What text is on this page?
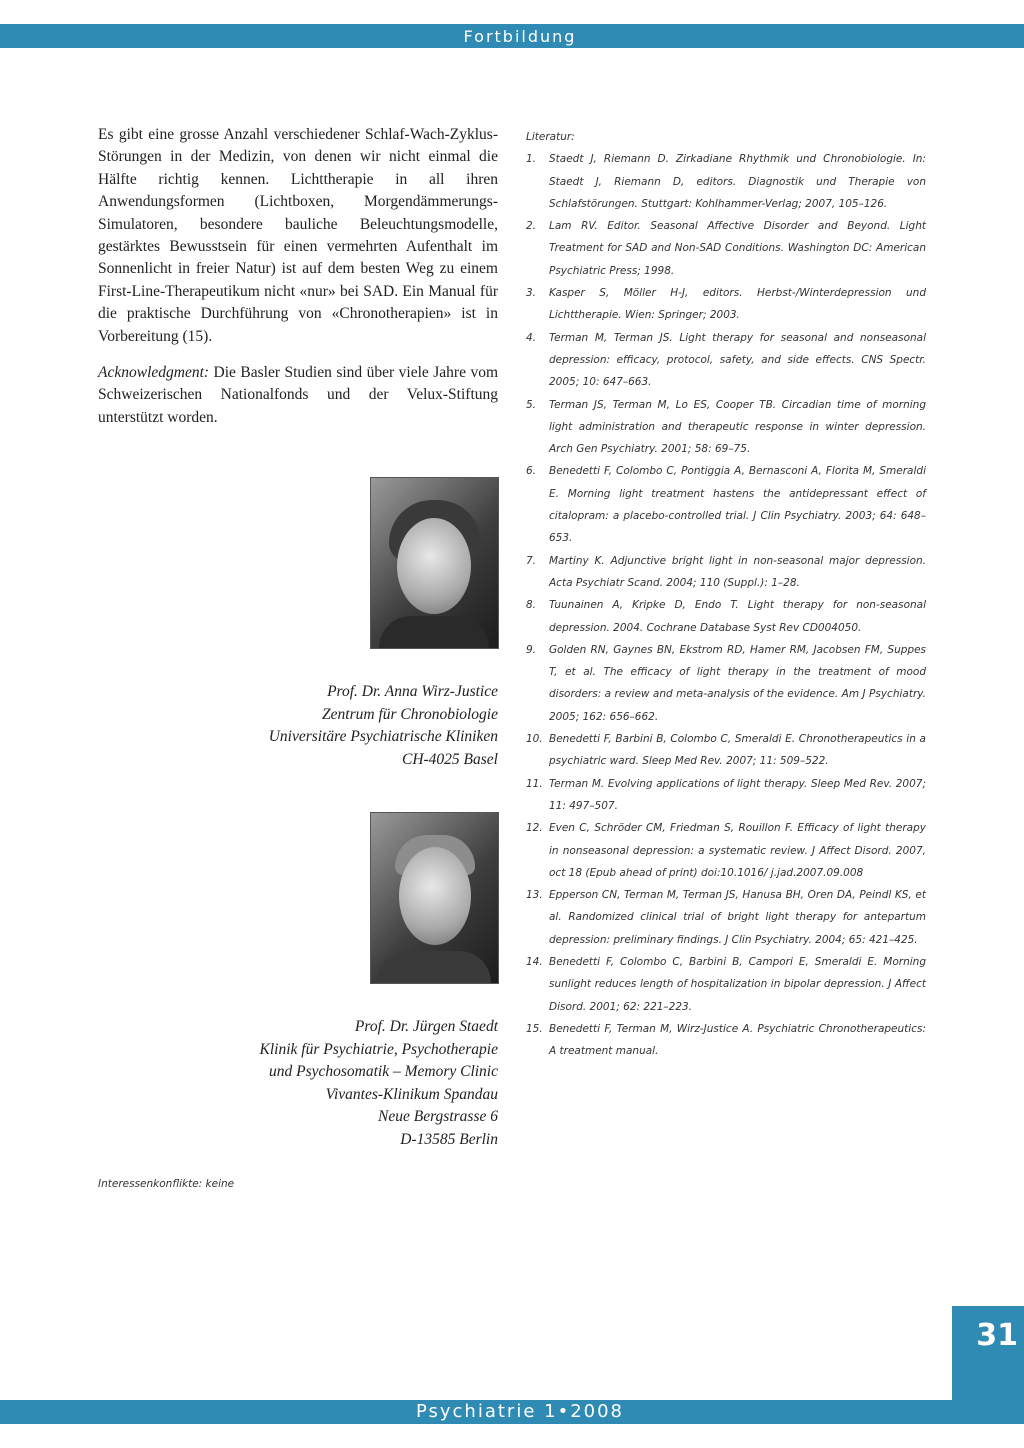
Fortbildung

Es gibt eine grosse Anzahl verschiedener Schlaf-Wach-Zyklus-Störungen in der Medizin, von denen wir nicht einmal die Hälfte richtig kennen. Lichttherapie in all ihren Anwendungsformen (Lichtboxen, Morgendämmerungs-Simulatoren, besondere bauliche Beleuchtungsmodelle, gestärktes Bewusstsein für einen vermehrten Aufenthalt im Sonnenlicht in freier Natur) ist auf dem besten Weg zu einem First-Line-Therapeutikum nicht «nur» bei SAD. Ein Manual für die praktische Durchführung von «Chronotherapien» ist in Vorbereitung (15).

Acknowledgment: Die Basler Studien sind über viele Jahre vom Schweizerischen Nationalfonds und der Velux-Stiftung unterstützt worden.

Prof. Dr. Anna Wirz-Justice
Zentrum für Chronobiologie
Universitäre Psychiatrische Kliniken
CH-4025 Basel
Prof. Dr. Jürgen Staedt
Klinik für Psychiatrie, Psychotherapie
und Psychosomatik – Memory Clinic
Vivantes-Klinikum Spandau
Neue Bergstrasse 6
D-13585 Berlin
Interessenkonflikte: keine
Literatur:
1. Staedt J, Riemann D. Zirkadiane Rhythmik und Chronobiologie. In: Staedt J, Riemann D, editors. Diagnostik und Therapie von Schlafstörungen. Stuttgart: Kohlhammer-Verlag; 2007, 105–126.
2. Lam RV. Editor. Seasonal Affective Disorder and Beyond. Light Treatment for SAD and Non-SAD Conditions. Washington DC: American Psychiatric Press; 1998.
3. Kasper S, Möller H-J, editors. Herbst-/Winterdepression und Lichttherapie. Wien: Springer; 2003.
4. Terman M, Terman JS. Light therapy for seasonal and nonseasonal depression: efficacy, protocol, safety, and side effects. CNS Spectr. 2005; 10: 647–663.
5. Terman JS, Terman M, Lo ES, Cooper TB. Circadian time of morning light administration and therapeutic response in winter depression. Arch Gen Psychiatry. 2001; 58: 69–75.
6. Benedetti F, Colombo C, Pontiggia A, Bernasconi A, Florita M, Smeraldi E. Morning light treatment hastens the antidepressant effect of citalopram: a placebo-controlled trial. J Clin Psychiatry. 2003; 64: 648–653.
7. Martiny K. Adjunctive bright light in non-seasonal major depression. Acta Psychiatr Scand. 2004; 110 (Suppl.): 1–28.
8. Tuunainen A, Kripke D, Endo T. Light therapy for non-seasonal depression. 2004. Cochrane Database Syst Rev CD004050.
9. Golden RN, Gaynes BN, Ekstrom RD, Hamer RM, Jacobsen FM, Suppes T, et al. The efficacy of light therapy in the treatment of mood disorders: a review and meta-analysis of the evidence. Am J Psychiatry. 2005; 162: 656–662.
10. Benedetti F, Barbini B, Colombo C, Smeraldi E. Chronotherapeutics in a psychiatric ward. Sleep Med Rev. 2007; 11: 509–522.
11. Terman M. Evolving applications of light therapy. Sleep Med Rev. 2007; 11: 497–507.
12. Even C, Schröder CM, Friedman S, Rouillon F. Efficacy of light therapy in nonseasonal depression: a systematic review. J Affect Disord. 2007, oct 18 (Epub ahead of print) doi:10.1016/ j.jad.2007.09.008
13. Epperson CN, Terman M, Terman JS, Hanusa BH, Oren DA, Peindl KS, et al. Randomized clinical trial of bright light therapy for antepartum depression: preliminary findings. J Clin Psychiatry. 2004; 65: 421–425.
14. Benedetti F, Colombo C, Barbini B, Campori E, Smeraldi E. Morning sunlight reduces length of hospitalization in bipolar depression. J Affect Disord. 2001; 62: 221–223.
15. Benedetti F, Terman M, Wirz-Justice A. Psychiatric Chronotherapeutics: A treatment manual.
31
Psychiatrie 1•2008
